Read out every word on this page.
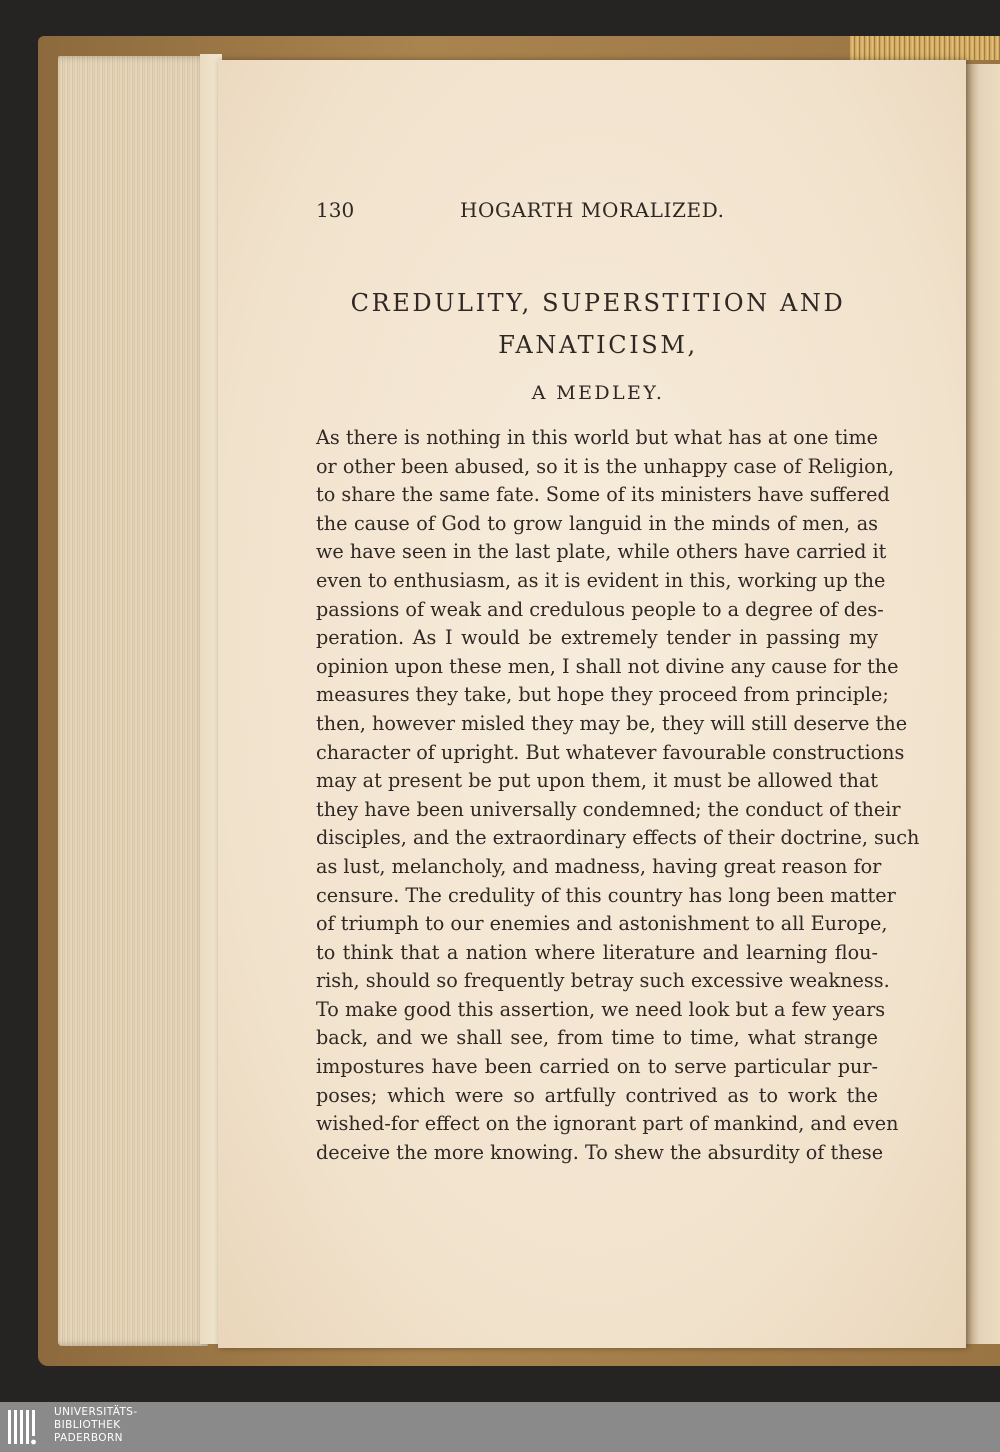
130	HOGARTH MORALIZED.
CREDULITY, SUPERSTITION AND
FANATICISM,
A MEDLEY.
As there is nothing in this world but what has at one time
or other been abused, so it is the unhappy case of Religion,
to share the same fate. Some of its ministers have suffered
the cause of God to grow languid in the minds of men, as
we have seen in the last plate, while others have carried it
even to enthusiasm, as it is evident in this, working up the
passions of weak and credulous people to a degree of des-
peration. As I would be extremely tender in passing my
opinion upon these men, I shall not divine any cause for the
measures they take, but hope they proceed from principle;
then, however misled they may be, they will still deserve the
character of upright. But whatever favourable constructions
may at present be put upon them, it must be allowed that
they have been universally condemned; the conduct of their
disciples, and the extraordinary effects of their doctrine, such
as lust, melancholy, and madness, having great reason for
censure. The credulity of this country has long been matter
of triumph to our enemies and astonishment to all Europe,
to think that a nation where literature and learning flou-
rish, should so frequently betray such excessive weakness.
To make good this assertion, we need look but a few years
back, and we shall see, from time to time, what strange
impostures have been carried on to serve particular pur-
poses; which were so artfully contrived as to work the
wished-for effect on the ignorant part of mankind, and even
deceive the more knowing. To shew the absurdity of these
UNIVERSITÄTS-
BIBLIOTHEK
PADERBORN
